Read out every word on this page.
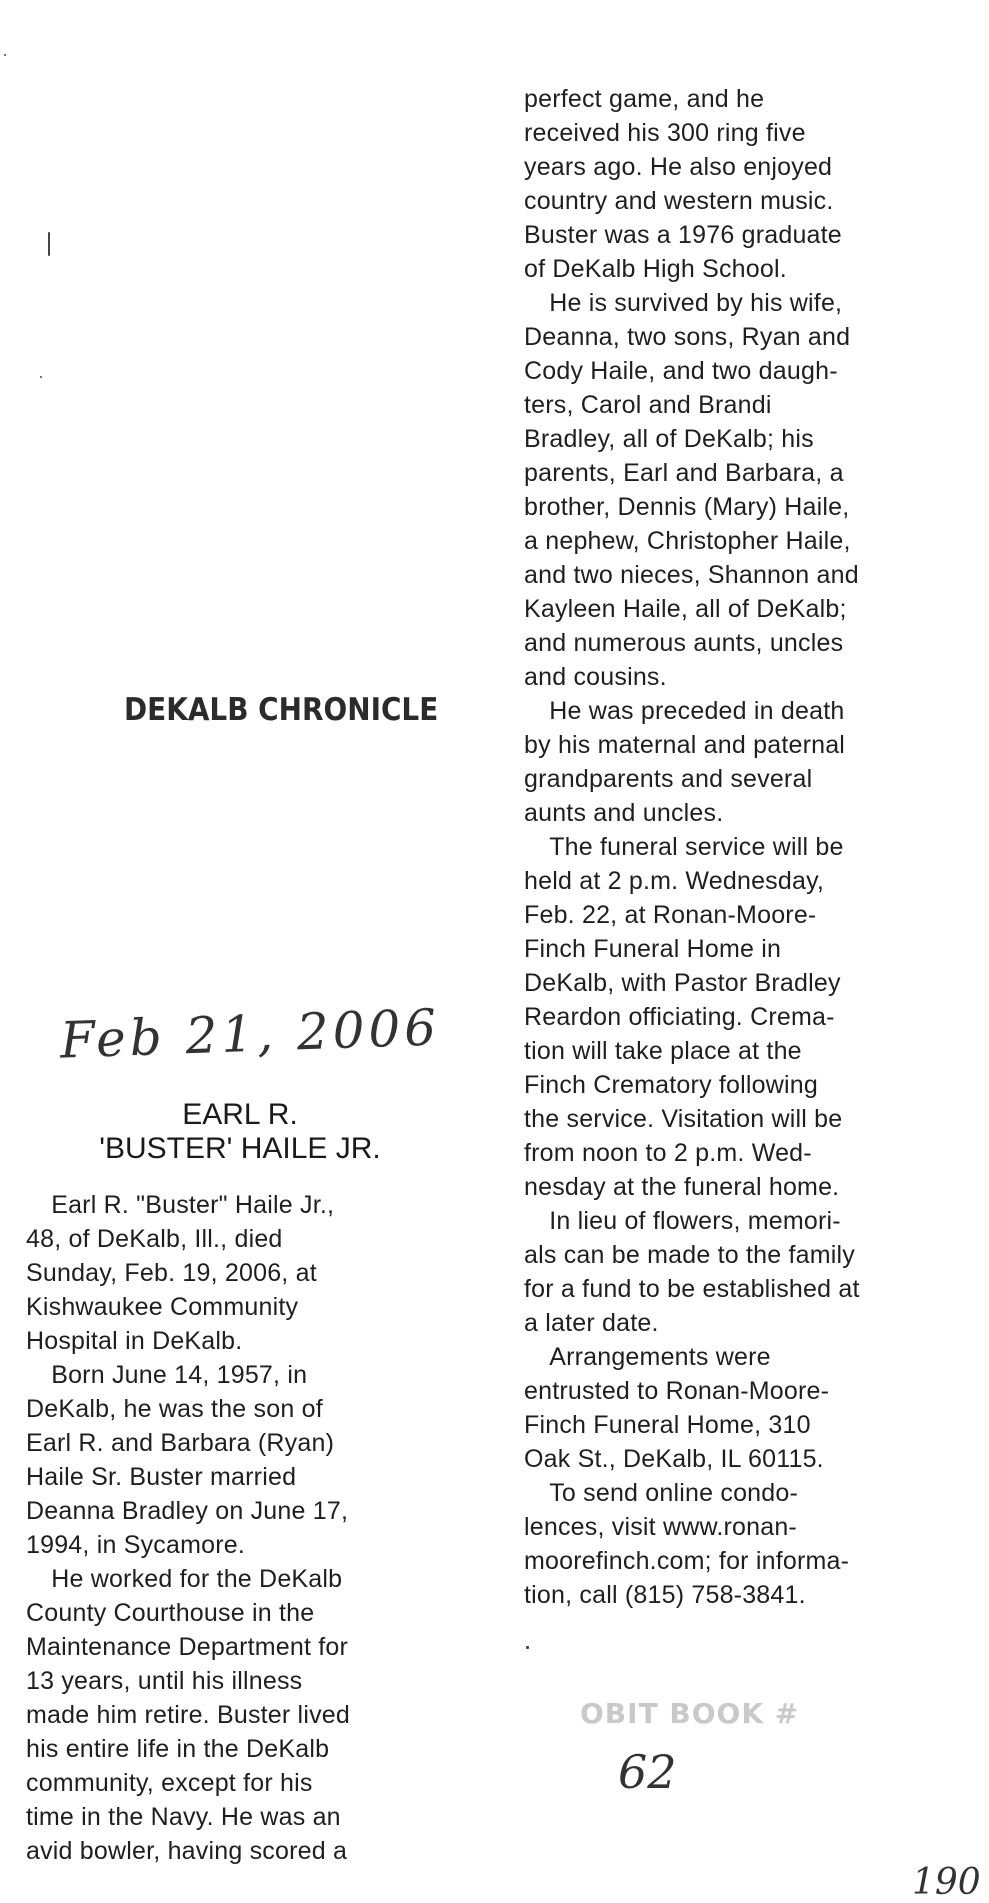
DEKALB CHRONICLE
Feb 21, 2006
EARL R.
'BUSTER' HAILE JR.
 Earl R. "Buster" Haile Jr.,
48, of DeKalb, Ill., died
Sunday, Feb. 19, 2006, at
Kishwaukee Community
Hospital in DeKalb.
 Born June 14, 1957, in
DeKalb, he was the son of
Earl R. and Barbara (Ryan)
Haile Sr. Buster married
Deanna Bradley on June 17,
1994, in Sycamore.
 He worked for the DeKalb
County Courthouse in the
Maintenance Department for
13 years, until his illness
made him retire. Buster lived
his entire life in the DeKalb
community, except for his
time in the Navy. He was an
avid bowler, having scored a
perfect game, and he
received his 300 ring five
years ago. He also enjoyed
country and western music.
Buster was a 1976 graduate
of DeKalb High School.
 He is survived by his wife,
Deanna, two sons, Ryan and
Cody Haile, and two daugh-
ters, Carol and Brandi
Bradley, all of DeKalb; his
parents, Earl and Barbara, a
brother, Dennis (Mary) Haile,
a nephew, Christopher Haile,
and two nieces, Shannon and
Kayleen Haile, all of DeKalb;
and numerous aunts, uncles
and cousins.
 He was preceded in death
by his maternal and paternal
grandparents and several
aunts and uncles.
 The funeral service will be
held at 2 p.m. Wednesday,
Feb. 22, at Ronan-Moore-
Finch Funeral Home in
DeKalb, with Pastor Bradley
Reardon officiating. Crema-
tion will take place at the
Finch Crematory following
the service. Visitation will be
from noon to 2 p.m. Wed-
nesday at the funeral home.
 In lieu of flowers, memori-
als can be made to the family
for a fund to be established at
a later date.
 Arrangements were
entrusted to Ronan-Moore-
Finch Funeral Home, 310
Oak St., DeKalb, IL 60115.
 To send online condo-
lences, visit www.ronan-
moorefinch.com; for informa-
tion, call (815) 758-3841.
OBIT BOOK #
62
190
